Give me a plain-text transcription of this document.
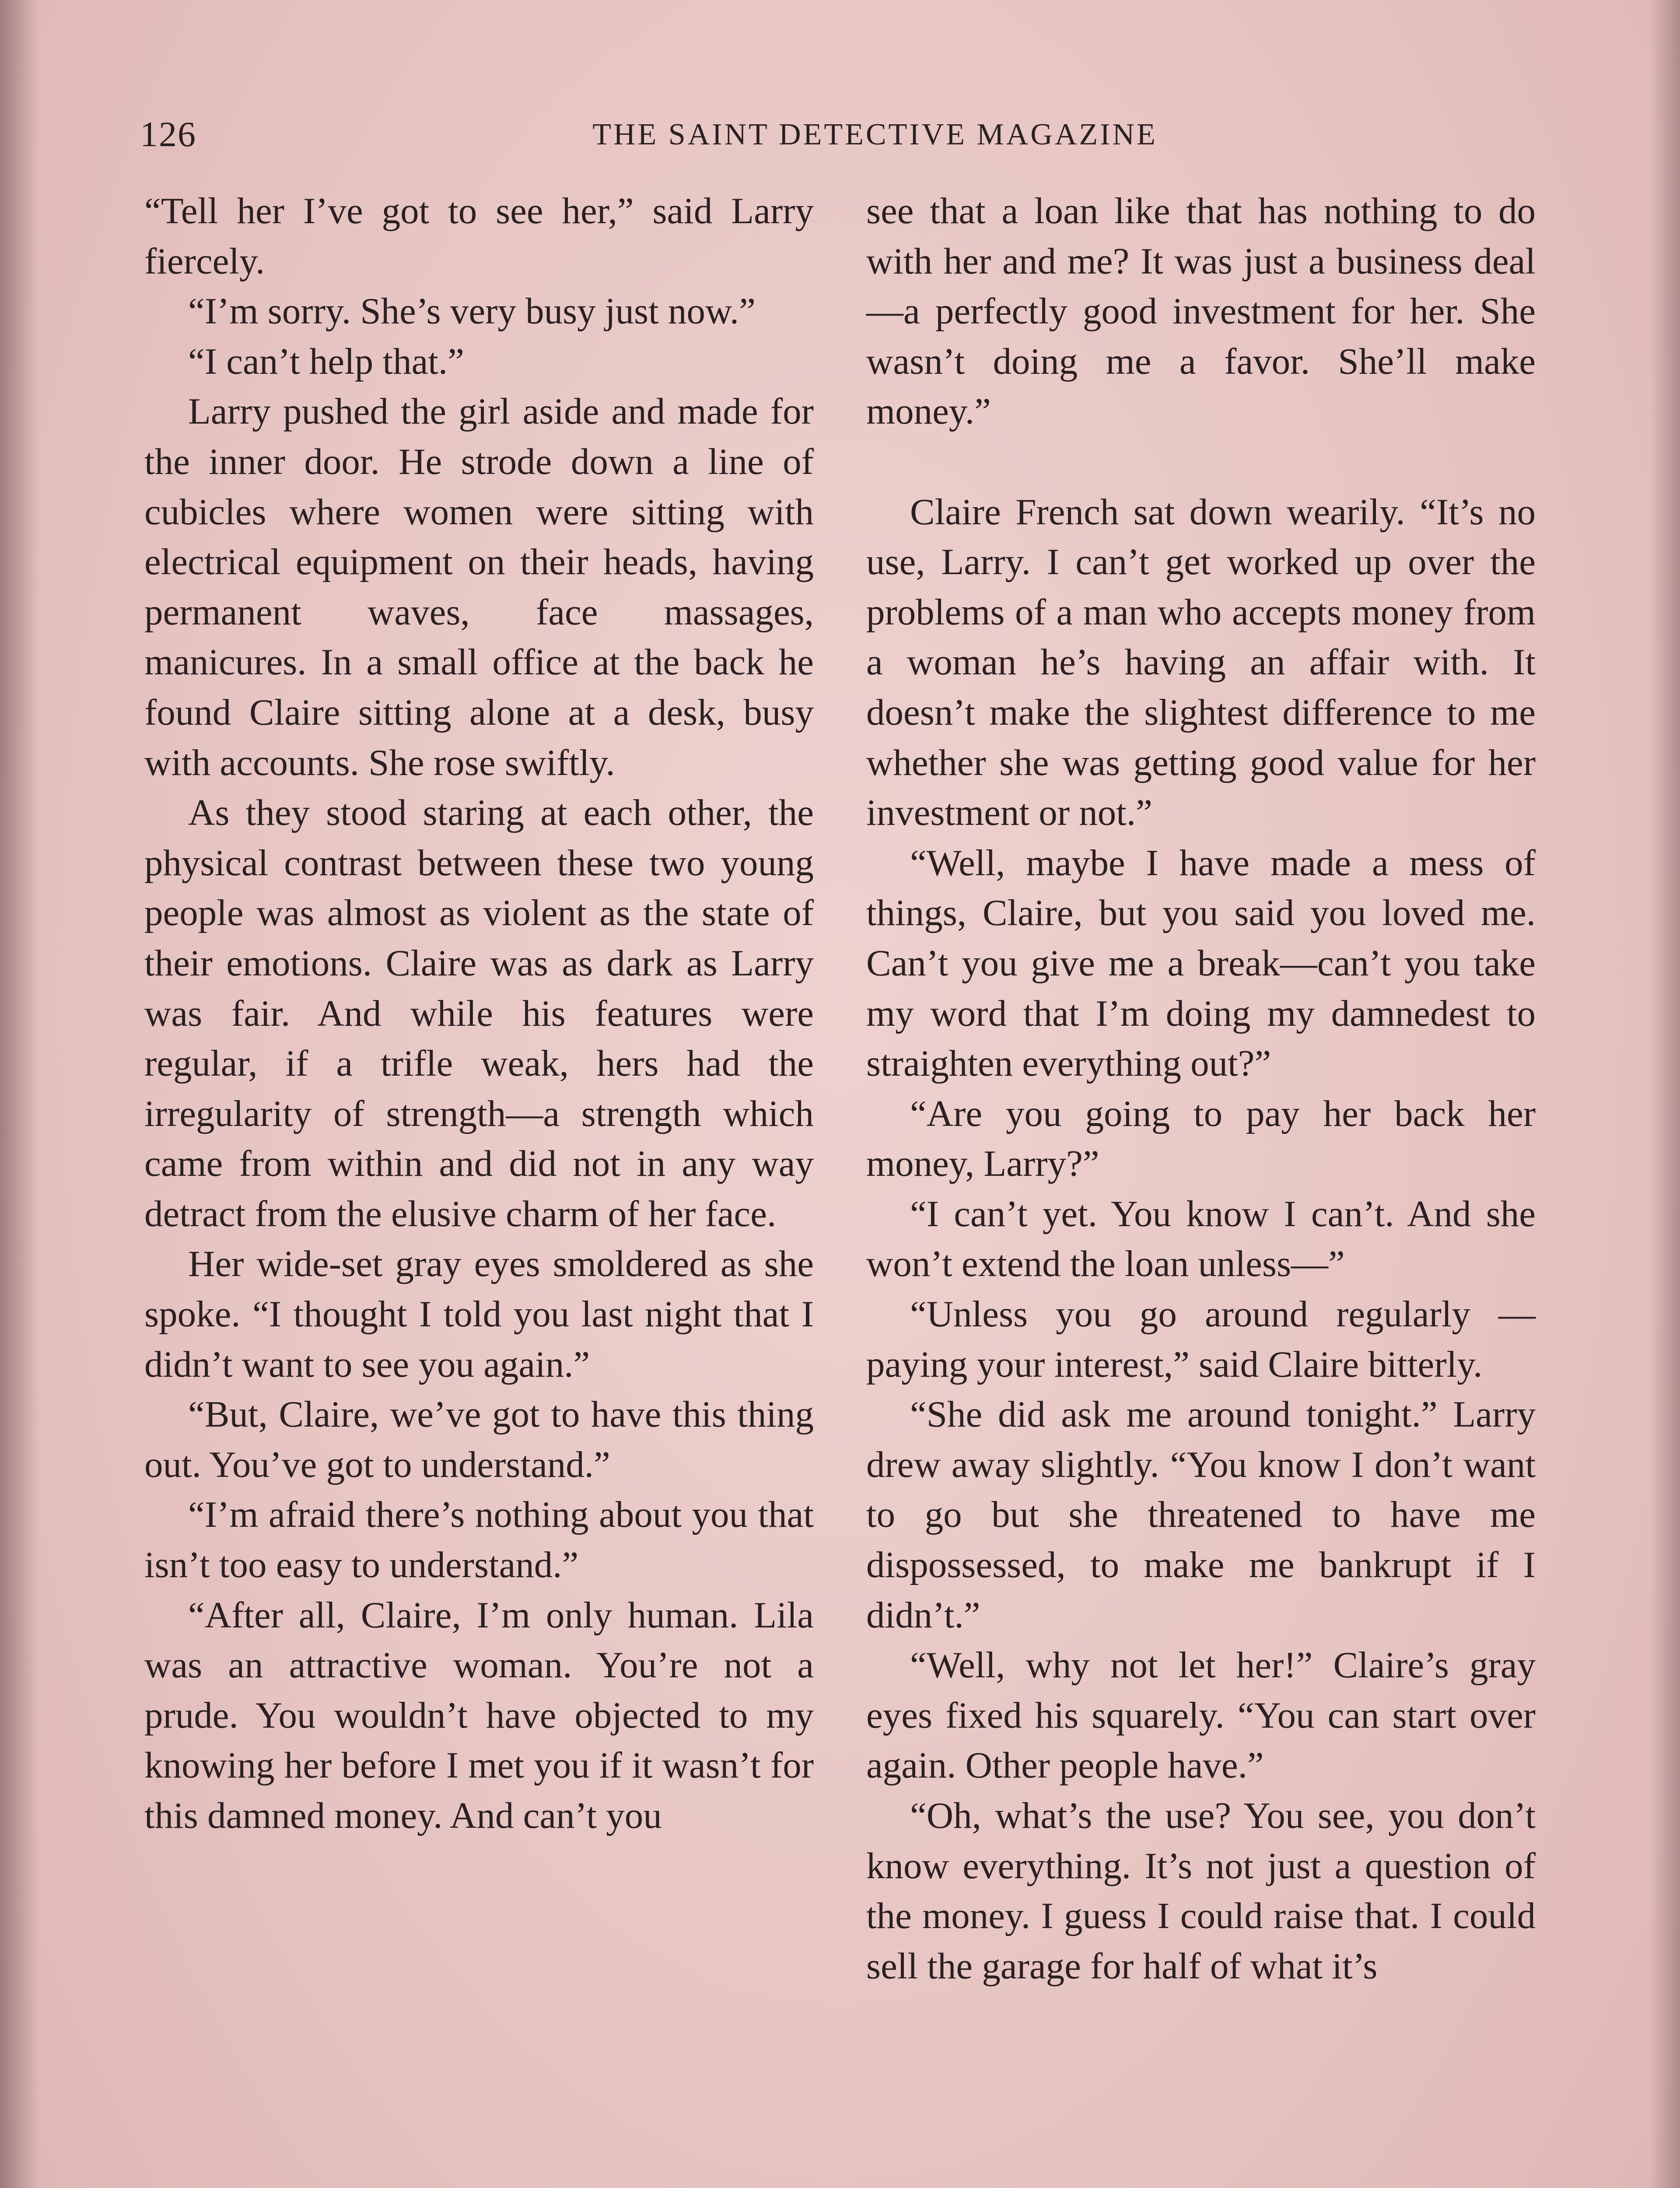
126	THE SAINT DETECTIVE MAGAZINE

“Tell her I’ve got to see her,” said Larry fiercely.

“I’m sorry. She’s very busy just now.”

“I can’t help that.”

Larry pushed the girl aside and made for the inner door. He strode down a line of cubicles where women were sitting with electrical equipment on their heads, having permanent waves, face massages, manicures. In a small office at the back he found Claire sitting alone at a desk, busy with accounts. She rose swiftly.

As they stood staring at each other, the physical contrast between these two young people was almost as violent as the state of their emotions. Claire was as dark as Larry was fair. And while his features were regular, if a trifle weak, hers had the irregularity of strength—a strength which came from within and did not in any way detract from the elusive charm of her face.

Her wide-set gray eyes smoldered as she spoke. “I thought I told you last night that I didn’t want to see you again.”

“But, Claire, we’ve got to have this thing out. You’ve got to understand.”

“I’m afraid there’s nothing about you that isn’t too easy to understand.”

“After all, Claire, I’m only human. Lila was an attractive woman. You’re not a prude. You wouldn’t have objected to my knowing her before I met you if it wasn’t for this damned money. And can’t you

see that a loan like that has nothing to do with her and me? It was just a business deal—a perfectly good investment for her. She wasn’t doing me a favor. She’ll make money.”

Claire French sat down wearily. “It’s no use, Larry. I can’t get worked up over the problems of a man who accepts money from a woman he’s having an affair with. It doesn’t make the slightest difference to me whether she was getting good value for her investment or not.”

“Well, maybe I have made a mess of things, Claire, but you said you loved me. Can’t you give me a break—can’t you take my word that I’m doing my damnedest to straighten everything out?”

“Are you going to pay her back her money, Larry?”

“I can’t yet. You know I can’t. And she won’t extend the loan unless—”

“Unless you go around regularly —paying your interest,” said Claire bitterly.

“She did ask me around tonight.” Larry drew away slightly. “You know I don’t want to go but she threatened to have me dispossessed, to make me bankrupt if I didn’t.”

“Well, why not let her!” Claire’s gray eyes fixed his squarely. “You can start over again. Other people have.”

“Oh, what’s the use? You see, you don’t know everything. It’s not just a question of the money. I guess I could raise that. I could sell the garage for half of what it’s
